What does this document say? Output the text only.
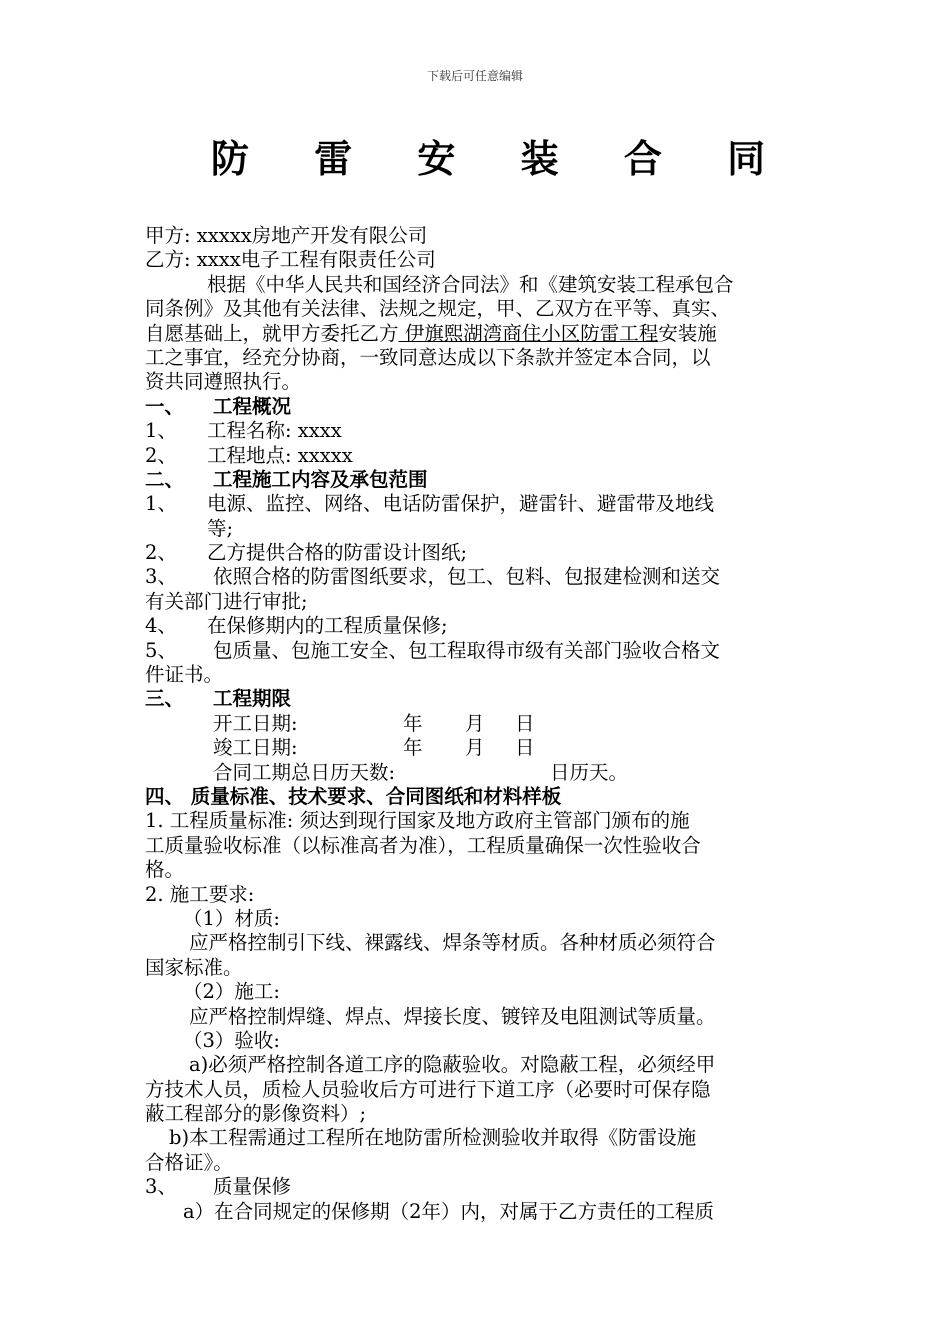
下载后可任意编辑
防 雷 安 装 合 同
甲方: xxxxx房地产开发有限公司
乙方: xxxx电子工程有限责任公司
根据《中华人民共和国经济合同法》和《建筑安装工程承包合
同条例》及其他有关法律、法规之规定，甲、乙双方在平等、真实、
自愿基础上，就甲方委托乙方 伊旗熙湖湾商住小区防雷工程安装施
工之事宜，经充分协商，一致同意达成以下条款并签定本合同，以
资共同遵照执行。
一、 工程概况
1、 工程名称: xxxx
2、 工程地点: xxxxx
二、 工程施工内容及承包范围
1、 电源、监控、网络、电话防雷保护，避雷针、避雷带及地线
等;
2、 乙方提供合格的防雷设计图纸;
3、 依照合格的防雷图纸要求，包工、包料、包报建检测和送交
有关部门进行审批;
4、 在保修期内的工程质量保修;
5、 包质量、包施工安全、包工程取得市级有关部门验收合格文
件证书。
三、 工程期限
开工日期:	年 月 日
竣工日期:	年 月 日
合同工期总日历天数:	日历天。
四、 质量标准、技术要求、合同图纸和材料样板
1. 工程质量标准: 须达到现行国家及地方政府主管部门颁布的施
工质量验收标准（以标准高者为准），工程质量确保一次性验收合
格。
2. 施工要求:
（1）材质:
应严格控制引下线、裸露线、焊条等材质。各种材质必须符合
国家标准。
（2）施工:
应严格控制焊缝、焊点、焊接长度、镀锌及电阻测试等质量。
（3）验收:
a)必须严格控制各道工序的隐蔽验收。对隐蔽工程，必须经甲
方技术人员，质检人员验收后方可进行下道工序（必要时可保存隐
蔽工程部分的影像资料）;
b)本工程需通过工程所在地防雷所检测验收并取得《防雷设施
合格证》。
3、 质量保修
a）在合同规定的保修期（2年）内，对属于乙方责任的工程质
